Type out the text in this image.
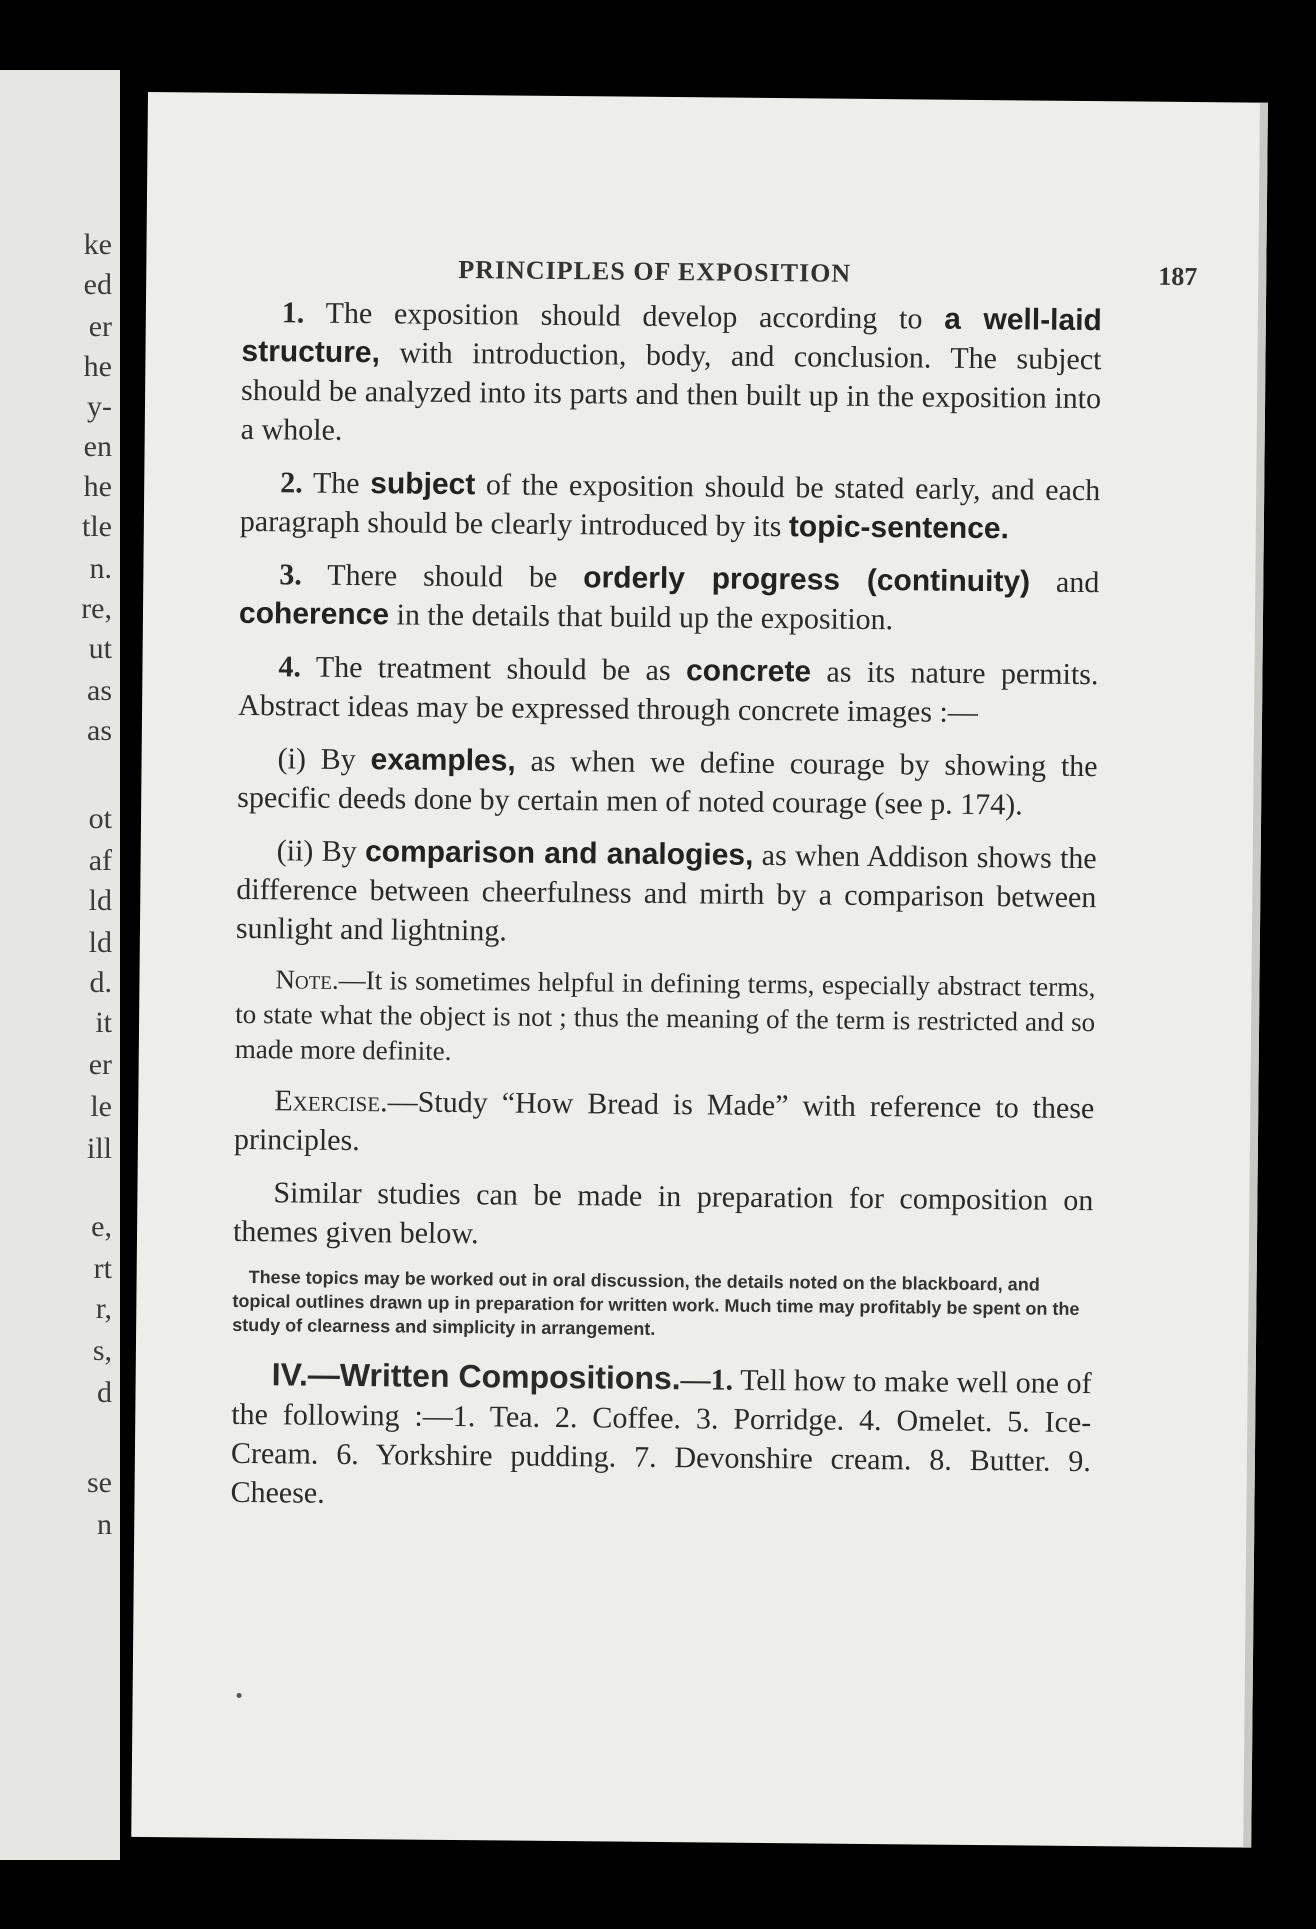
ke
ed
er
he
y-
en
he
tle
n.
re,
ut
as
as
ot
af
ld
ld
d.
it
er
le
ill
e,
rt
r,
s,
d
se
n
PRINCIPLES OF EXPOSITION	187

1. The exposition should develop according to a well-laid structure, with introduction, body, and conclusion. The subject should be analyzed into its parts and then built up in the exposition into a whole.

2. The subject of the exposition should be stated early, and each paragraph should be clearly introduced by its topic-sentence.

3. There should be orderly progress (continuity) and coherence in the details that build up the exposition.

4. The treatment should be as concrete as its nature permits. Abstract ideas may be expressed through concrete images :—

(i) By examples, as when we define courage by showing the specific deeds done by certain men of noted courage (see p. 174).

(ii) By comparison and analogies, as when Addison shows the difference between cheerfulness and mirth by a comparison between sunlight and lightning.

Note.—It is sometimes helpful in defining terms, especially abstract terms, to state what the object is not ; thus the meaning of the term is restricted and so made more definite.

Exercise.—Study “How Bread is Made” with reference to these principles.

Similar studies can be made in preparation for composition on themes given below.

These topics may be worked out in oral discussion, the details noted on the blackboard, and topical outlines drawn up in preparation for written work. Much time may profitably be spent on the study of clearness and simplicity in arrangement.

IV.—Written Compositions.—1. Tell how to make well one of the following :—1. Tea. 2. Coffee. 3. Porridge. 4. Omelet. 5. Ice-Cream. 6. Yorkshire pudding. 7. Devonshire cream. 8. Butter. 9. Cheese.
